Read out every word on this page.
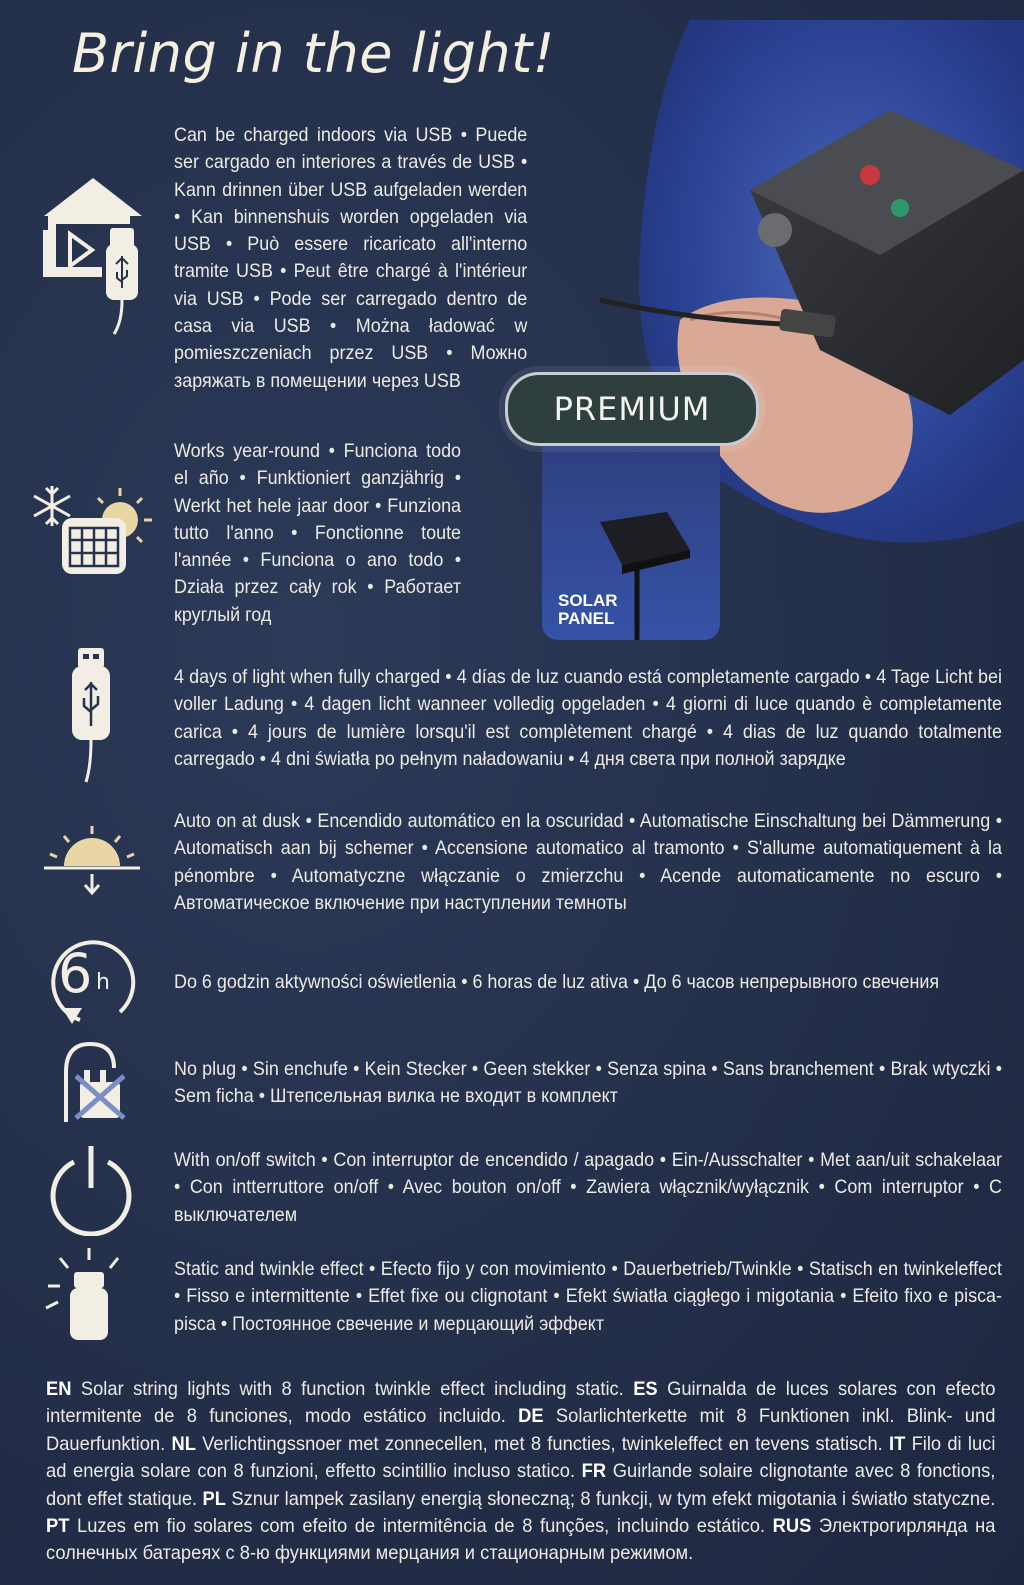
Bring in the light!
SOLAR
PANEL
PREMIUM
Can be charged indoors via USB • Puede ser cargado en interiores a través de USB • Kann drinnen über USB aufgeladen werden • Kan binnenshuis worden opgeladen via USB • Può essere ricaricato all'interno tramite USB • Peut être chargé à l'intérieur via USB • Pode ser carregado dentro de casa via USB • Można ładować w pomieszczeniach przez USB • Можно заряжать в помещении через USB
Works year-round • Funciona todo el año • Funktioniert ganzjährig • Werkt het hele jaar door • Funziona tutto l'anno • Fonctionne toute l'année • Funciona o ano todo • Działa przez cały rok • Работает круглый год
4 days of light when fully charged • 4 días de luz cuando está completamente cargado • 4 Tage Licht bei voller Ladung • 4 dagen licht wanneer volledig opgeladen • 4 giorni di luce quando è completamente carica • 4 jours de lumière lorsqu'il est complètement chargé • 4 dias de luz quando totalmente carregado • 4 dni światła po pełnym naładowaniu • 4 дня света при полной зарядке
Auto on at dusk • Encendido automático en la oscuridad • Automatische Einschaltung bei Dämmerung • Automatisch aan bij schemer • Accensione automatico al tramonto • S'allume automatiquement à la pénombre • Automatyczne włączanie o zmierzchu • Acende automaticamente no escuro • Автоматическое включение при наступлении темноты
6 h	Do 6 godzin aktywności oświetlenia • 6 horas de luz ativa • До 6 часов непрерывного свечения
No plug • Sin enchufe • Kein Stecker • Geen stekker • Senza spina • Sans branchement • Brak wtyczki • Sem ficha • Штепсельная вилка не входит в комплект
With on/off switch • Con interruptor de encendido / apagado • Ein-/Ausschalter • Met aan/uit schakelaar • Con intterruttore on/off • Avec bouton on/off • Zawiera włącznik/wyłącznik • Com interruptor • С выключателем
Static and twinkle effect • Efecto fijo y con movimiento • Dauerbetrieb/Twinkle • Statisch en twinkeleffect • Fisso e intermittente • Effet fixe ou clignotant • Efekt światła ciągłego i migotania • Efeito fixo e pisca-pisca • Постоянное свечение и мерцающий эффект
EN Solar string lights with 8 function twinkle effect including static. ES Guirnalda de luces solares con efecto intermitente de 8 funciones, modo estático incluido. DE Solarlichterkette mit 8 Funktionen inkl. Blink- und Dauerfunktion. NL Verlichtingssnoer met zonnecellen, met 8 functies, twinkeleffect en tevens statisch. IT Filo di luci ad energia solare con 8 funzioni, effetto scintillio incluso statico. FR Guirlande solaire clignotante avec 8 fonctions, dont effet statique. PL Sznur lampek zasilany energią słoneczną; 8 funkcji, w tym efekt migotania i światło statyczne. PT Luzes em fio solares com efeito de intermitência de 8 funções, incluindo estático. RUS Электрогирлянда на солнечных батареях с 8-ю функциями мерцания и стационарным режимом.
